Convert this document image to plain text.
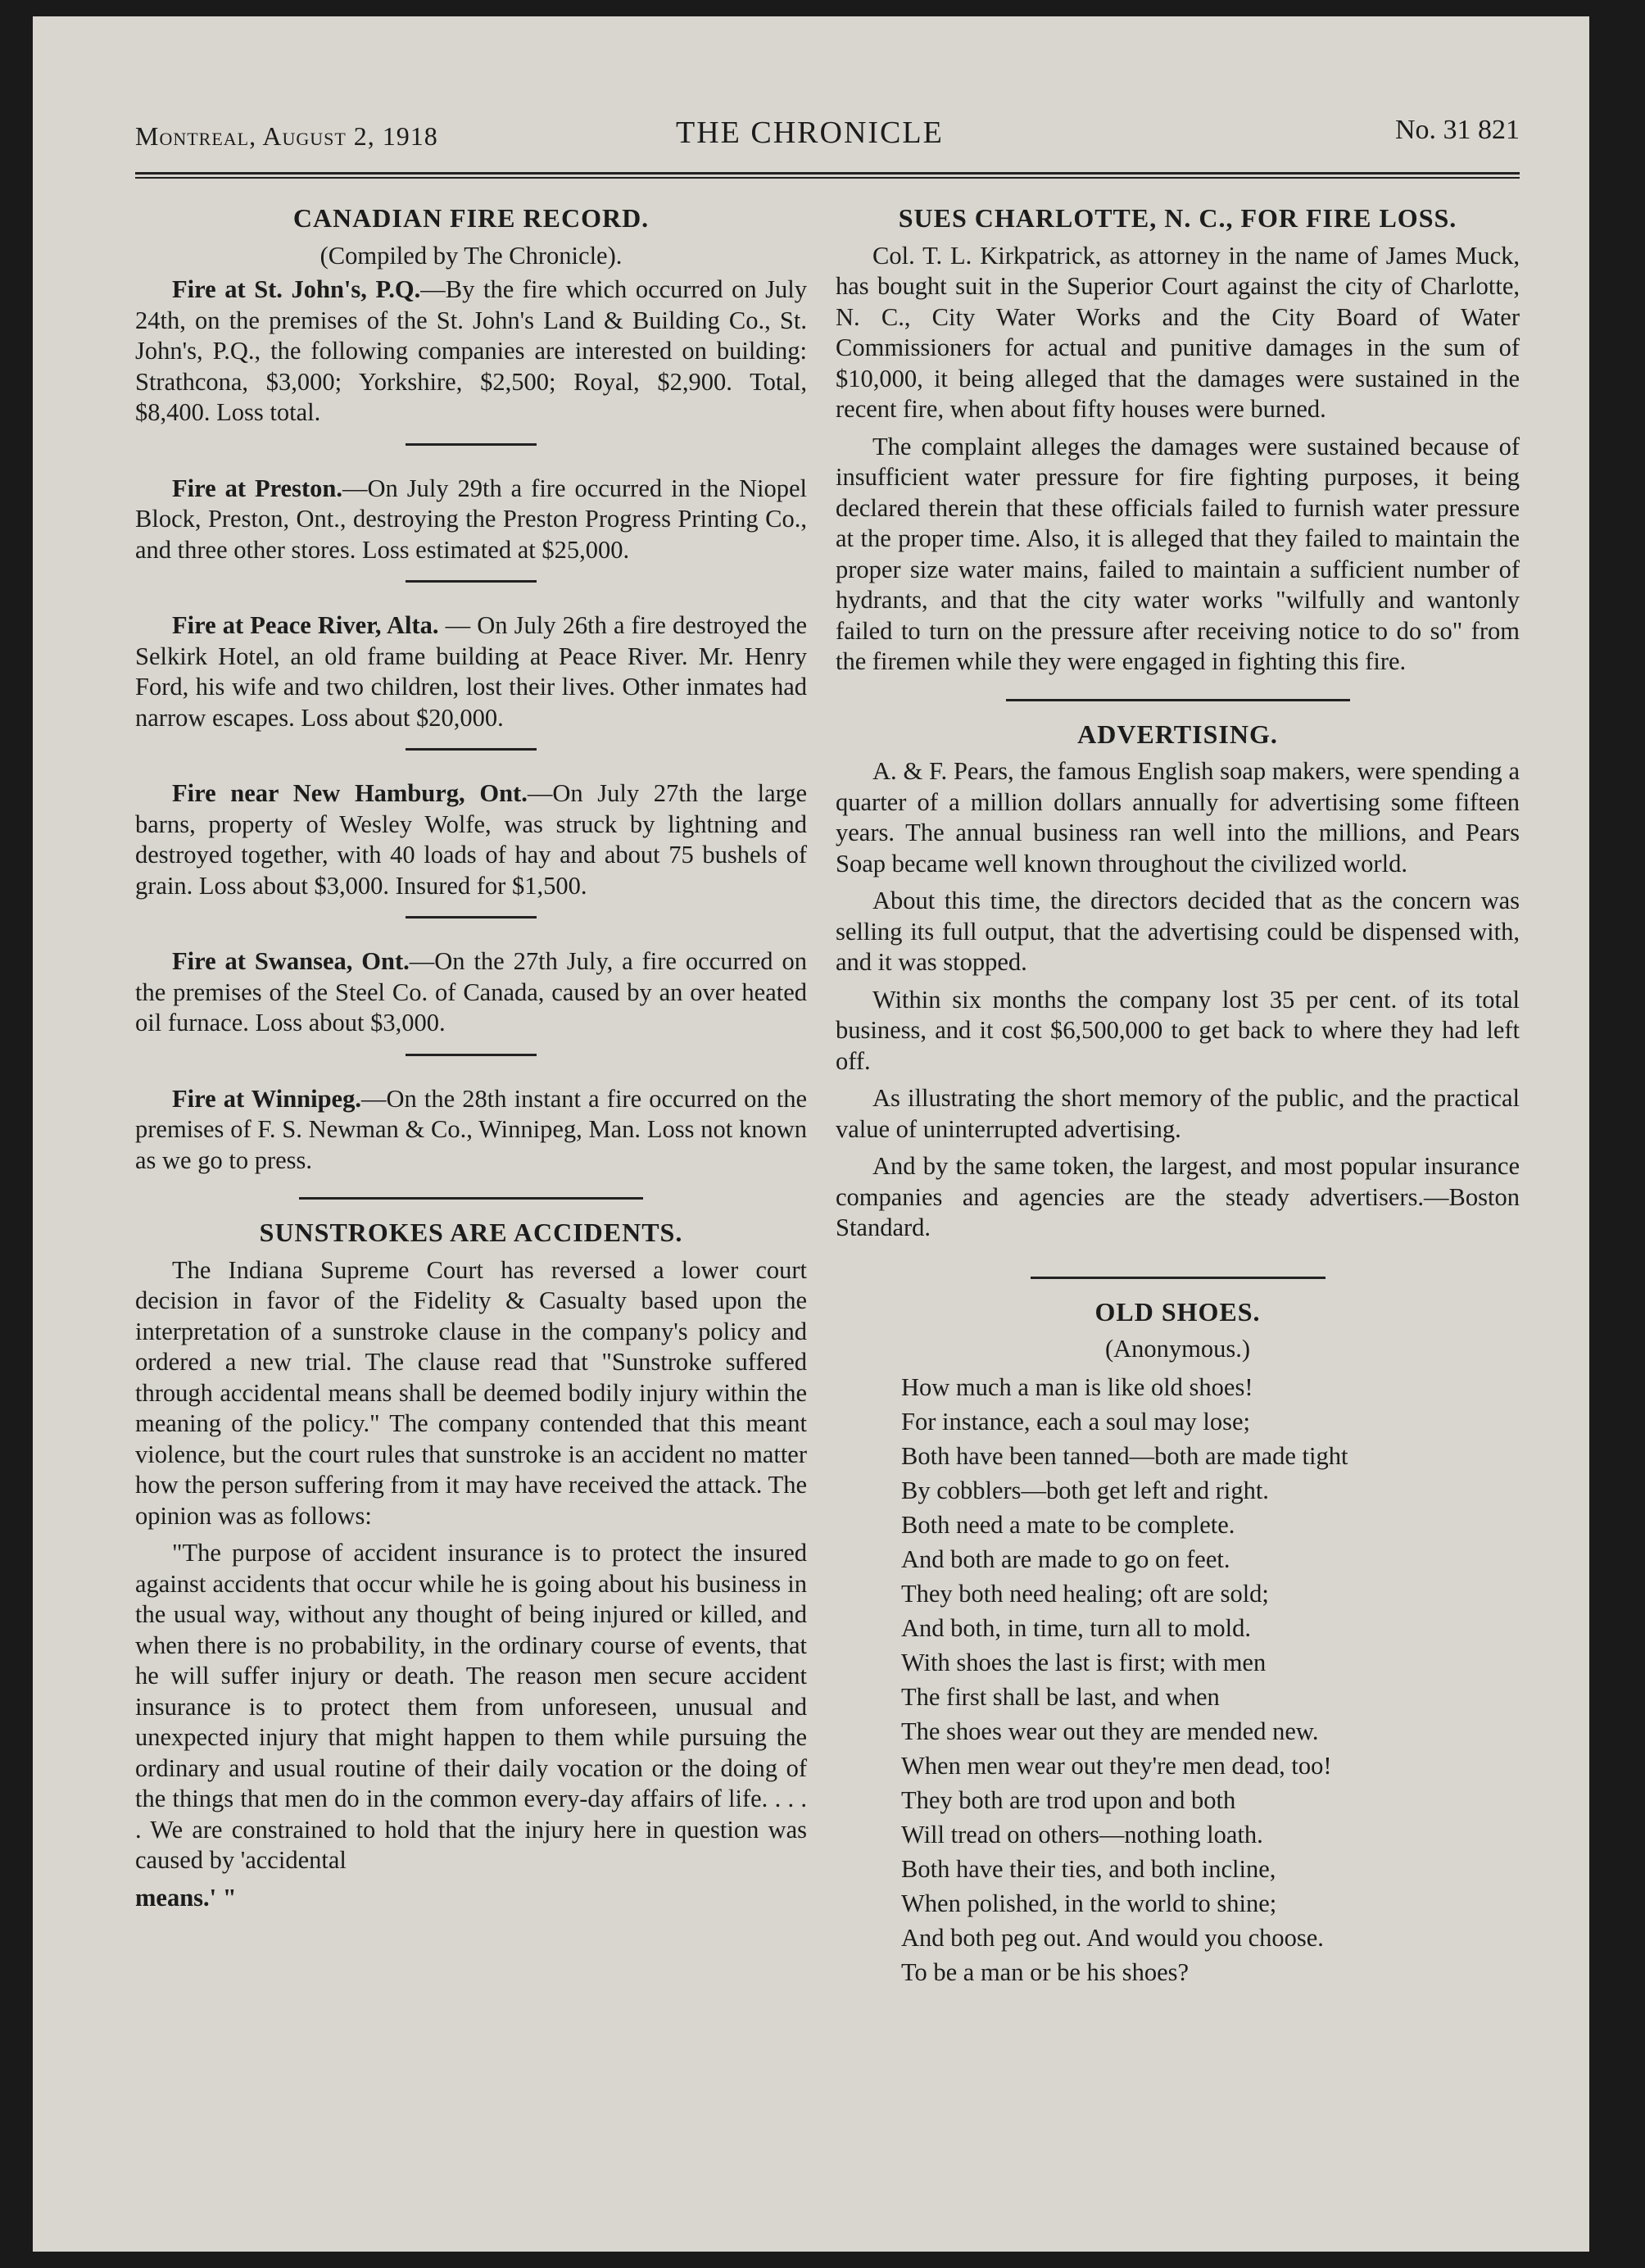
Montreal, August 2, 1918	THE CHRONICLE	No. 31 821
CANADIAN FIRE RECORD.
(Compiled by The Chronicle).

Fire at St. John's, P.Q.—By the fire which occurred on July 24th, on the premises of the St. John's Land & Building Co., St. John's, P.Q., the following companies are interested on building: Strathcona, $3,000; Yorkshire, $2,500; Royal, $2,900. Total, $8,400. Loss total.

Fire at Preston.—On July 29th a fire occurred in the Niopel Block, Preston, Ont., destroying the Preston Progress Printing Co., and three other stores. Loss estimated at $25,000.

Fire at Peace River, Alta. — On July 26th a fire destroyed the Selkirk Hotel, an old frame building at Peace River. Mr. Henry Ford, his wife and two children, lost their lives. Other inmates had narrow escapes. Loss about $20,000.

Fire near New Hamburg, Ont.—On July 27th the large barns, property of Wesley Wolfe, was struck by lightning and destroyed together, with 40 loads of hay and about 75 bushels of grain. Loss about $3,000. Insured for $1,500.

Fire at Swansea, Ont.—On the 27th July, a fire occurred on the premises of the Steel Co. of Canada, caused by an over heated oil furnace. Loss about $3,000.

Fire at Winnipeg.—On the 28th instant a fire occurred on the premises of F. S. Newman & Co., Winnipeg, Man. Loss not known as we go to press.

SUNSTROKES ARE ACCIDENTS.

The Indiana Supreme Court has reversed a lower court decision in favor of the Fidelity & Casualty based upon the interpretation of a sunstroke clause in the company's policy and ordered a new trial. The clause read that "Sunstroke suffered through accidental means shall be deemed bodily injury within the meaning of the policy." The company contended that this meant violence, but the court rules that sunstroke is an accident no matter how the person suffering from it may have received the attack. The opinion was as follows:

"The purpose of accident insurance is to protect the insured against accidents that occur while he is going about his business in the usual way, without any thought of being injured or killed, and when there is no probability, in the ordinary course of events, that he will suffer injury or death. The reason men secure accident insurance is to protect them from unforeseen, unusual and unexpected injury that might happen to them while pursuing the ordinary and usual routine of their daily vocation or the doing of the things that men do in the common every-day affairs of life. . . . . We are constrained to hold that the injury here in question was caused by 'accidental

means.' "
SUES CHARLOTTE, N. C., FOR FIRE LOSS.

Col. T. L. Kirkpatrick, as attorney in the name of James Muck, has bought suit in the Superior Court against the city of Charlotte, N. C., City Water Works and the City Board of Water Commissioners for actual and punitive damages in the sum of $10,000, it being alleged that the damages were sustained in the recent fire, when about fifty houses were burned.

The complaint alleges the damages were sustained because of insufficient water pressure for fire fighting purposes, it being declared therein that these officials failed to furnish water pressure at the proper time. Also, it is alleged that they failed to maintain the proper size water mains, failed to maintain a sufficient number of hydrants, and that the city water works "wilfully and wantonly failed to turn on the pressure after receiving notice to do so" from the firemen while they were engaged in fighting this fire.

ADVERTISING.

A. & F. Pears, the famous English soap makers, were spending a quarter of a million dollars annually for advertising some fifteen years. The annual business ran well into the millions, and Pears Soap became well known throughout the civilized world.

About this time, the directors decided that as the concern was selling its full output, that the advertising could be dispensed with, and it was stopped.

Within six months the company lost 35 per cent. of its total business, and it cost $6,500,000 to get back to where they had left off.

As illustrating the short memory of the public, and the practical value of uninterrupted advertising.

And by the same token, the largest, and most popular insurance companies and agencies are the steady advertisers.—Boston Standard.

OLD SHOES.
(Anonymous.)
How much a man is like old shoes!
For instance, each a soul may lose;
Both have been tanned—both are made tight
By cobblers—both get left and right.
Both need a mate to be complete.
And both are made to go on feet.
They both need healing; oft are sold;
And both, in time, turn all to mold.
With shoes the last is first; with men
The first shall be last, and when
The shoes wear out they are mended new.
When men wear out they're men dead, too!
They both are trod upon and both
Will tread on others—nothing loath.
Both have their ties, and both incline,
When polished, in the world to shine;
And both peg out. And would you choose.
To be a man or be his shoes?
